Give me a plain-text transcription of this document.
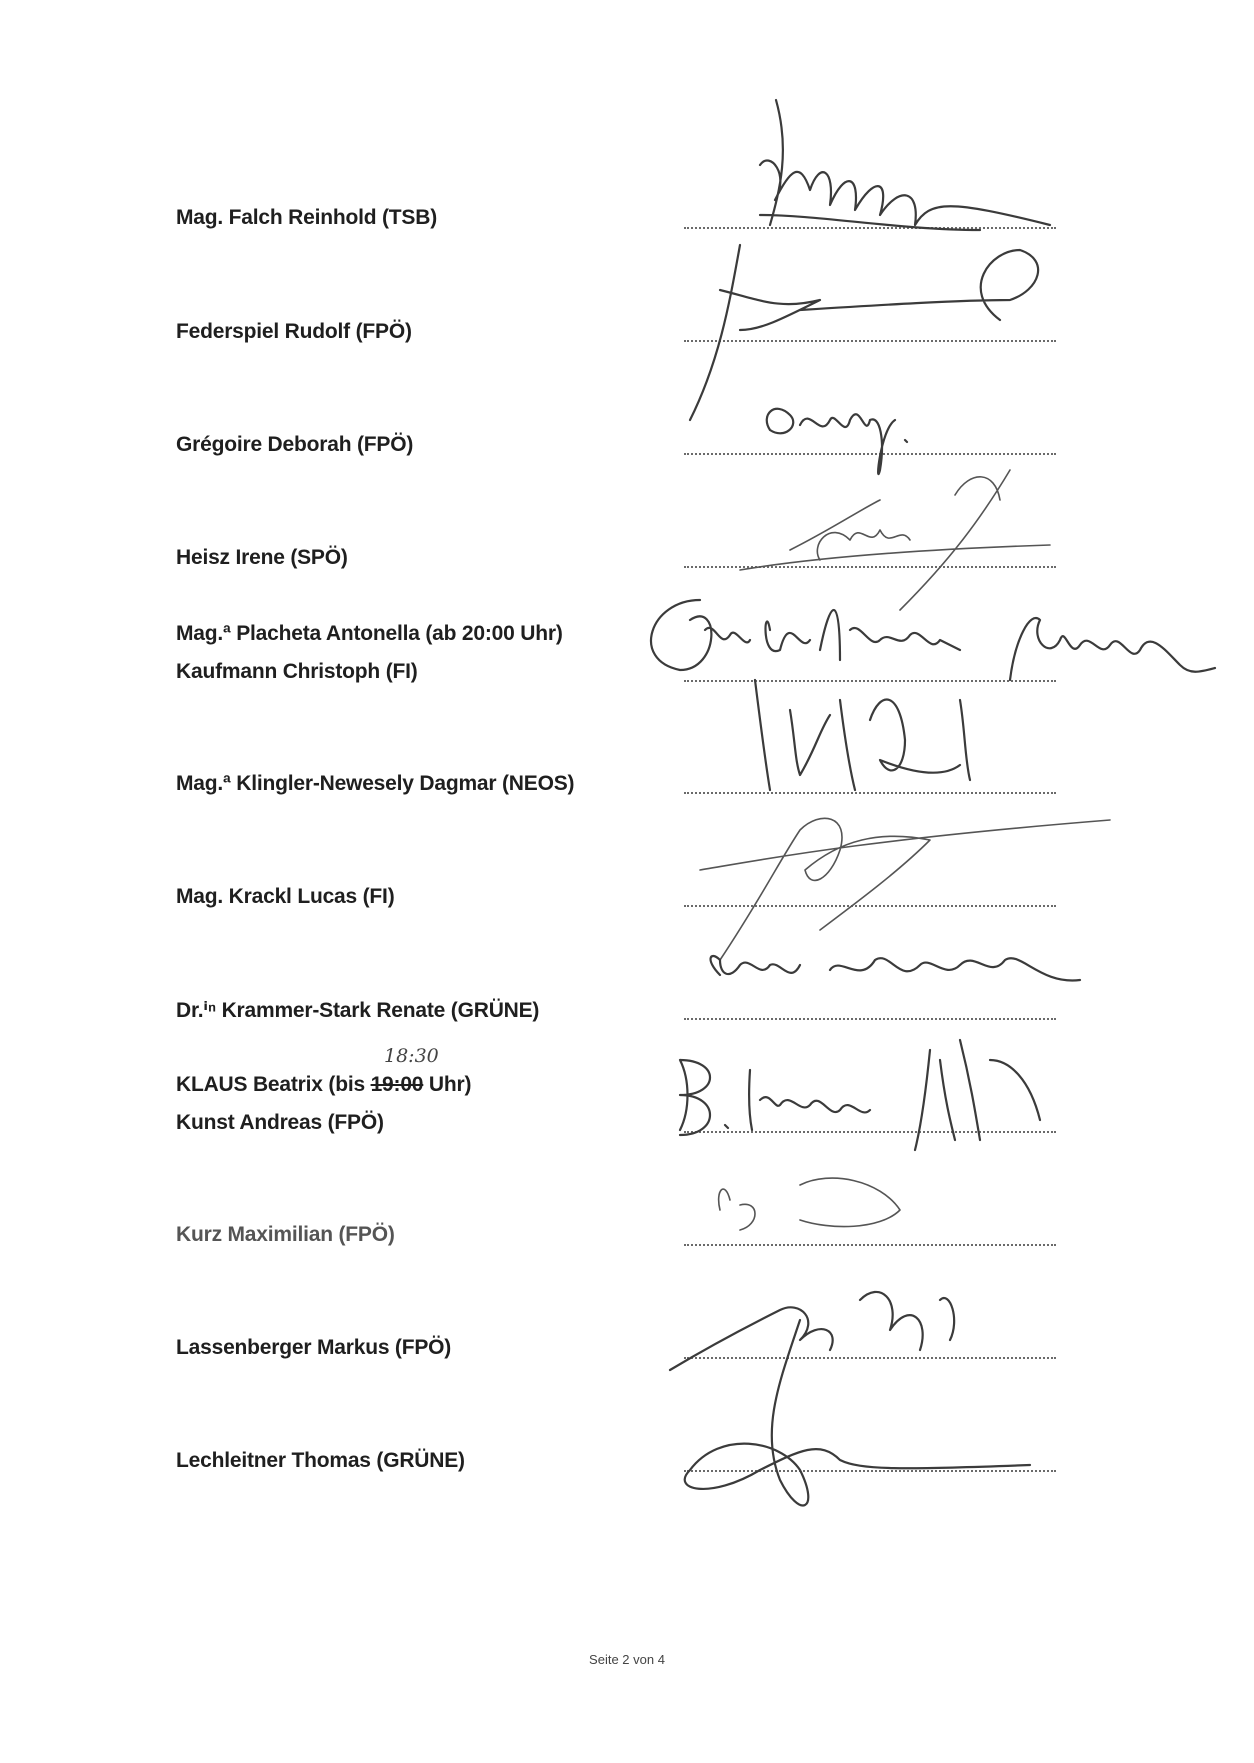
Mag. Falch Reinhold (TSB)
Federspiel Rudolf (FPÖ)
Grégoire Deborah (FPÖ)
Heisz Irene (SPÖ)
Mag.ª Placheta Antonella (ab 20:00 Uhr)
Kaufmann Christoph (FI)
Mag.ª Klingler-Newesely Dagmar (NEOS)
Mag. Krackl Lucas (FI)
Dr.ⁱⁿ Krammer-Stark Renate (GRÜNE)
KLAUS Beatrix (bis 19:00 Uhr)
18:30
Kunst Andreas (FPÖ)
Kurz Maximilian (FPÖ)
Lassenberger Markus (FPÖ)
Lechleitner Thomas (GRÜNE)
Seite 2 von 4
